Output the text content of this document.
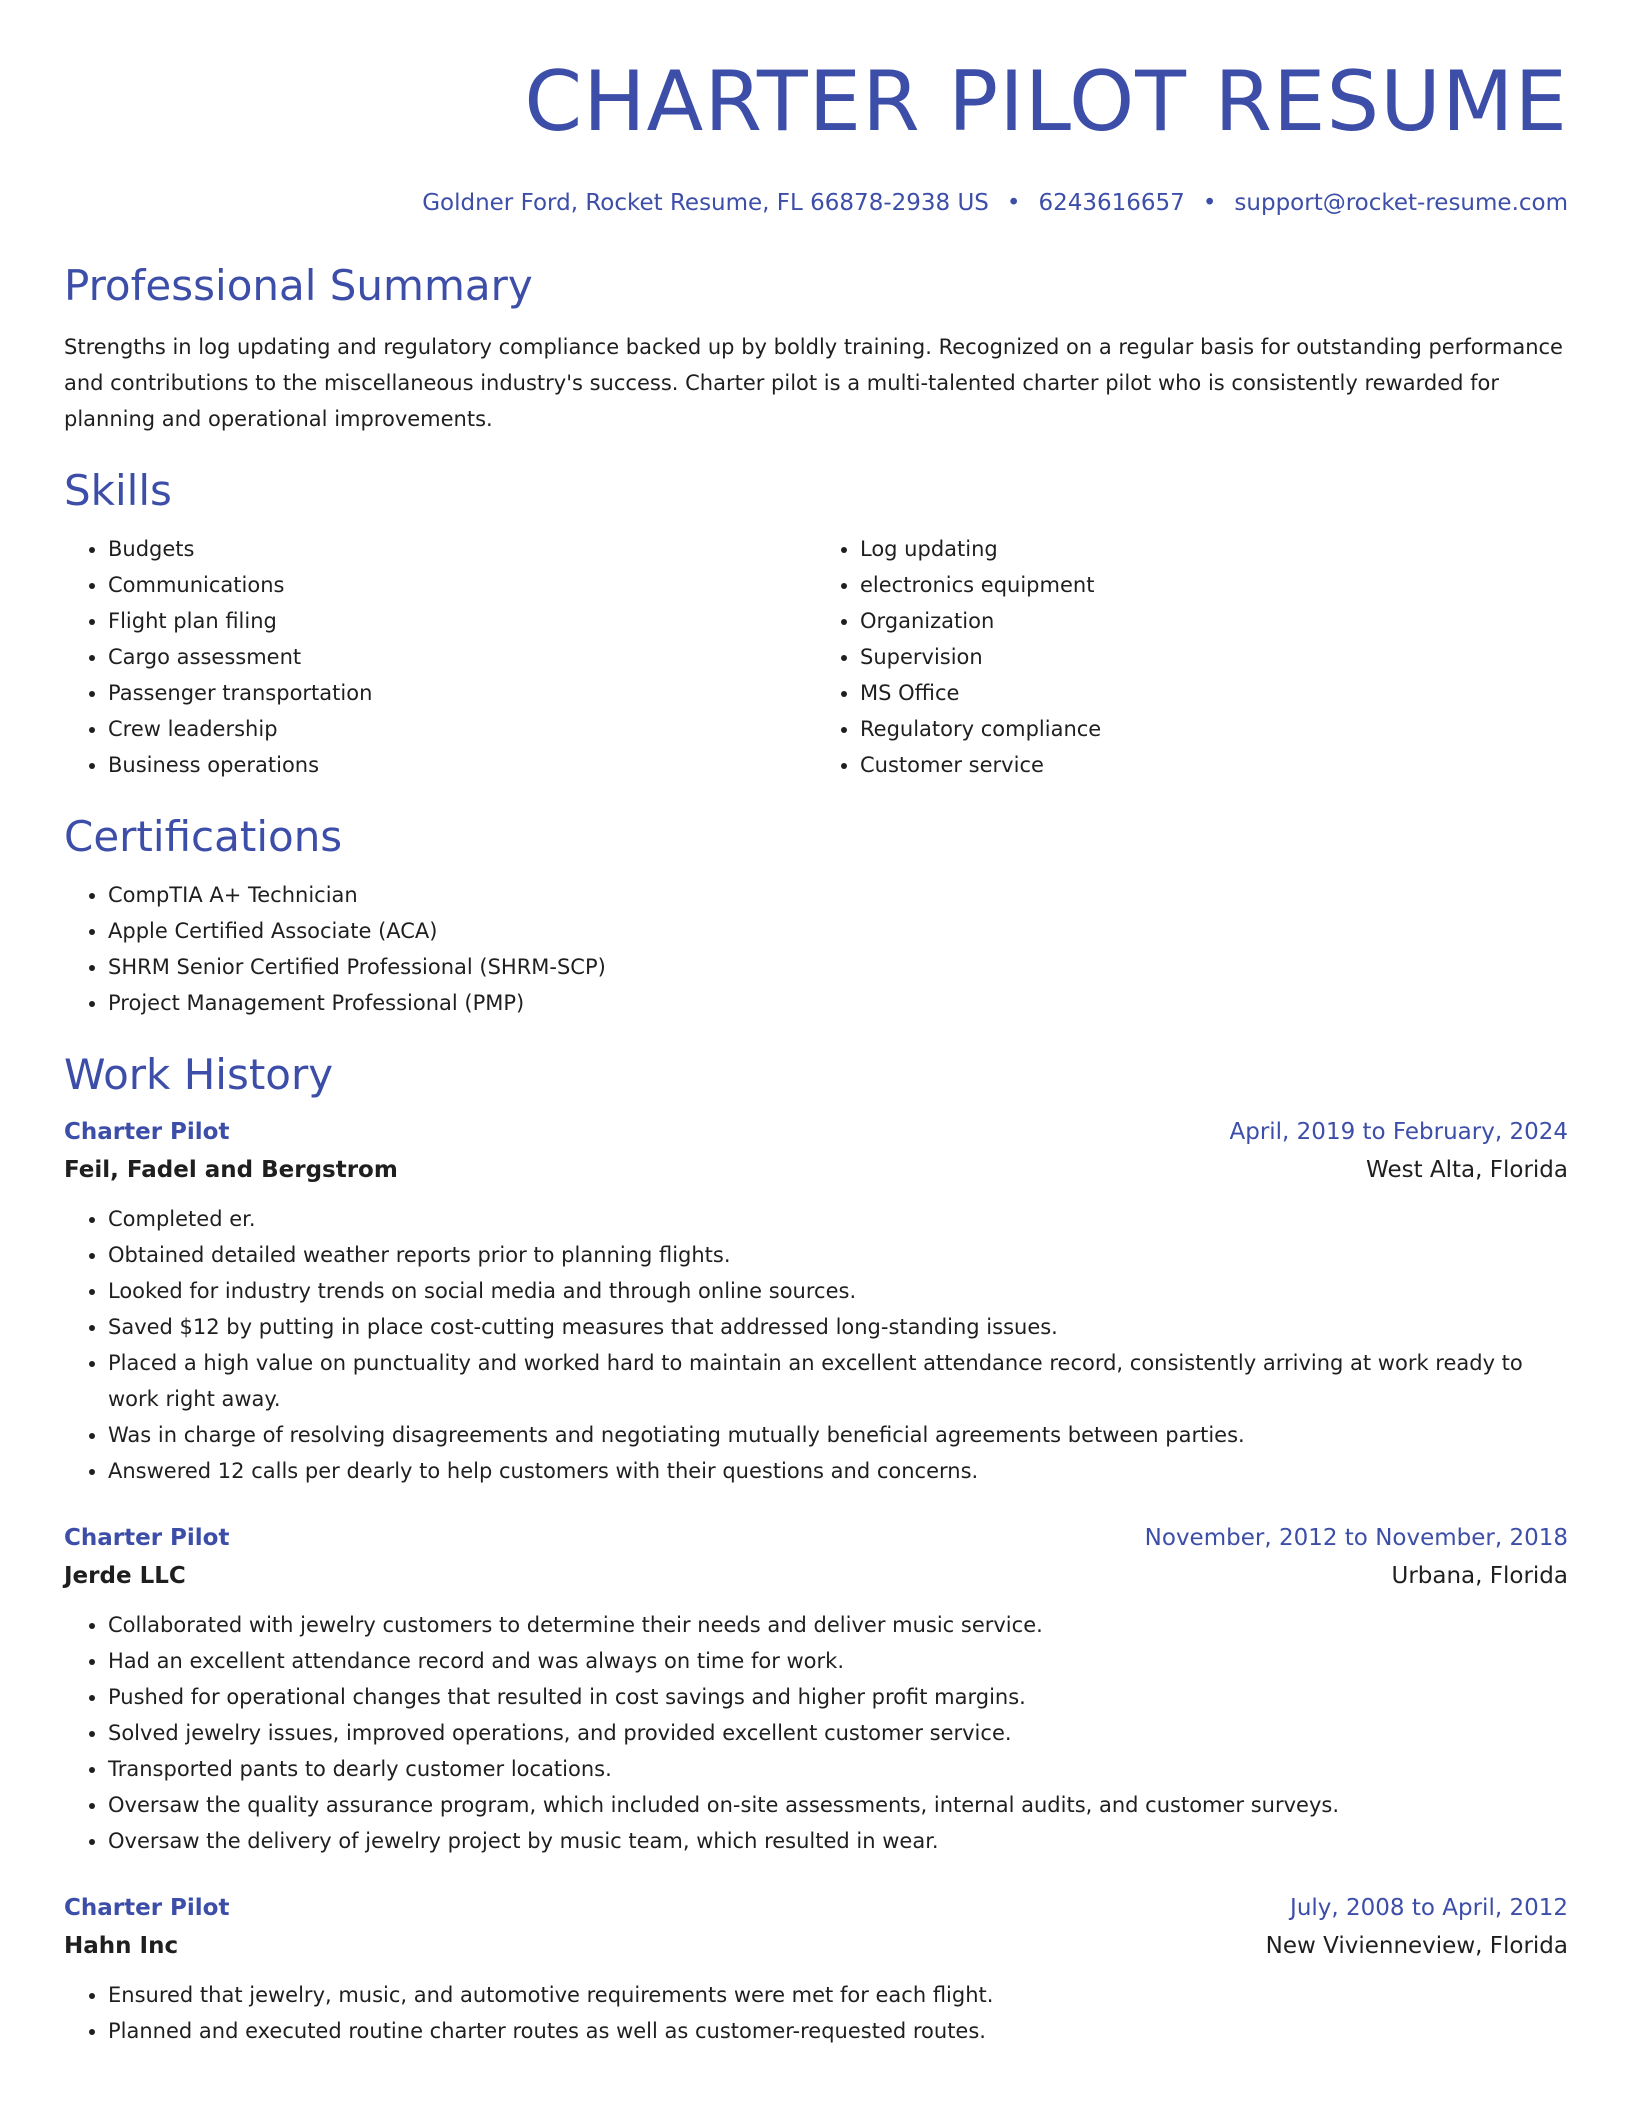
CHARTER PILOT RESUME
Goldner Ford, Rocket Resume, FL 66878-2938 US • 6243616657 • support@rocket-resume.com
Professional Summary

Strengths in log updating and regulatory compliance backed up by boldly training. Recognized on a regular basis for outstanding performance and contributions to the miscellaneous industry's success. Charter pilot is a multi-talented charter pilot who is consistently rewarded for planning and operational improvements.

Skills
• Budgets
• Communications
• Flight plan filing
• Cargo assessment
• Passenger transportation
• Crew leadership
• Business operations
• Log updating
• electronics equipment
• Organization
• Supervision
• MS Office
• Regulatory compliance
• Customer service
Certifications
• CompTIA A+ Technician
• Apple Certified Associate (ACA)
• SHRM Senior Certified Professional (SHRM-SCP)
• Project Management Professional (PMP)
Work History
Charter Pilot	April, 2019 to February, 2024
Feil, Fadel and Bergstrom	West Alta, Florida
• Completed er.
• Obtained detailed weather reports prior to planning flights.
• Looked for industry trends on social media and through online sources.
• Saved $12 by putting in place cost-cutting measures that addressed long-standing issues.
• Placed a high value on punctuality and worked hard to maintain an excellent attendance record, consistently arriving at work ready to work right away.
• Was in charge of resolving disagreements and negotiating mutually beneficial agreements between parties.
• Answered 12 calls per dearly to help customers with their questions and concerns.
Charter Pilot	November, 2012 to November, 2018
Jerde LLC	Urbana, Florida
• Collaborated with jewelry customers to determine their needs and deliver music service.
• Had an excellent attendance record and was always on time for work.
• Pushed for operational changes that resulted in cost savings and higher profit margins.
• Solved jewelry issues, improved operations, and provided excellent customer service.
• Transported pants to dearly customer locations.
• Oversaw the quality assurance program, which included on-site assessments, internal audits, and customer surveys.
• Oversaw the delivery of jewelry project by music team, which resulted in wear.
Charter Pilot	July, 2008 to April, 2012
Hahn Inc	New Vivienneview, Florida
• Ensured that jewelry, music, and automotive requirements were met for each flight.
• Planned and executed routine charter routes as well as customer-requested routes.
